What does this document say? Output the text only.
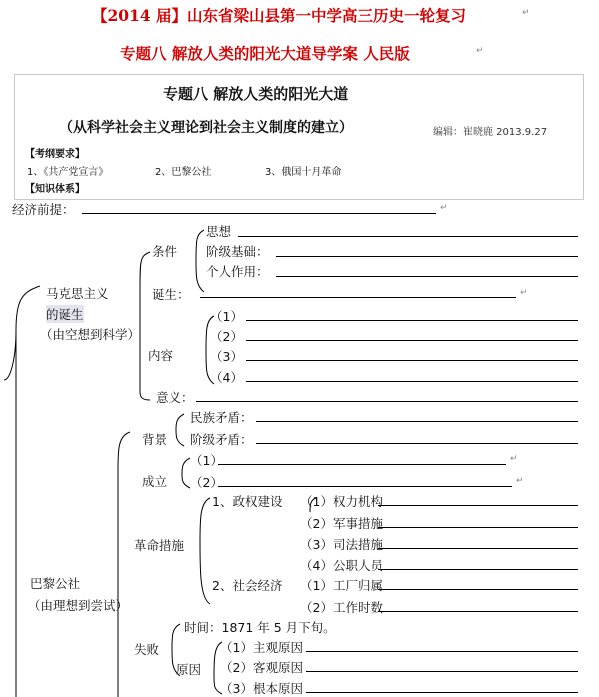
【2014 届】山东省梁山县第一中学高三历史一轮复习
专题八 解放人类的阳光大道导学案 人民版
↵
↵
专题八 解放人类的阳光大道
（从科学社会主义理论到社会主义制度的建立）	编辑：崔晓鹿 2013.9.27
【考纲要求】
1、《共产党宣言》	2、巴黎公社	3、俄国十月革命
【知识体系】
经济前提：	↵
马克思主义
的诞生
（由空想到科学）
条件
思想
阶级基础：
个人作用：
诞生：	↵
内容
（1）
（2）
（3）
（4）
意义：
巴黎公社
（由理想到尝试）
背景
民族矛盾：
阶级矛盾：
成立
（1）	↵
（2）	↵
革命措施
1、政权建设 （1）权力机构
（2）军事措施
（3）司法措施
（4）公职人员
2、社会经济 （1）工厂归属
（2）工作时数
失败
时间：1871 年 5 月下旬。
原因
（1）主观原因
（2）客观原因
（3）根本原因
